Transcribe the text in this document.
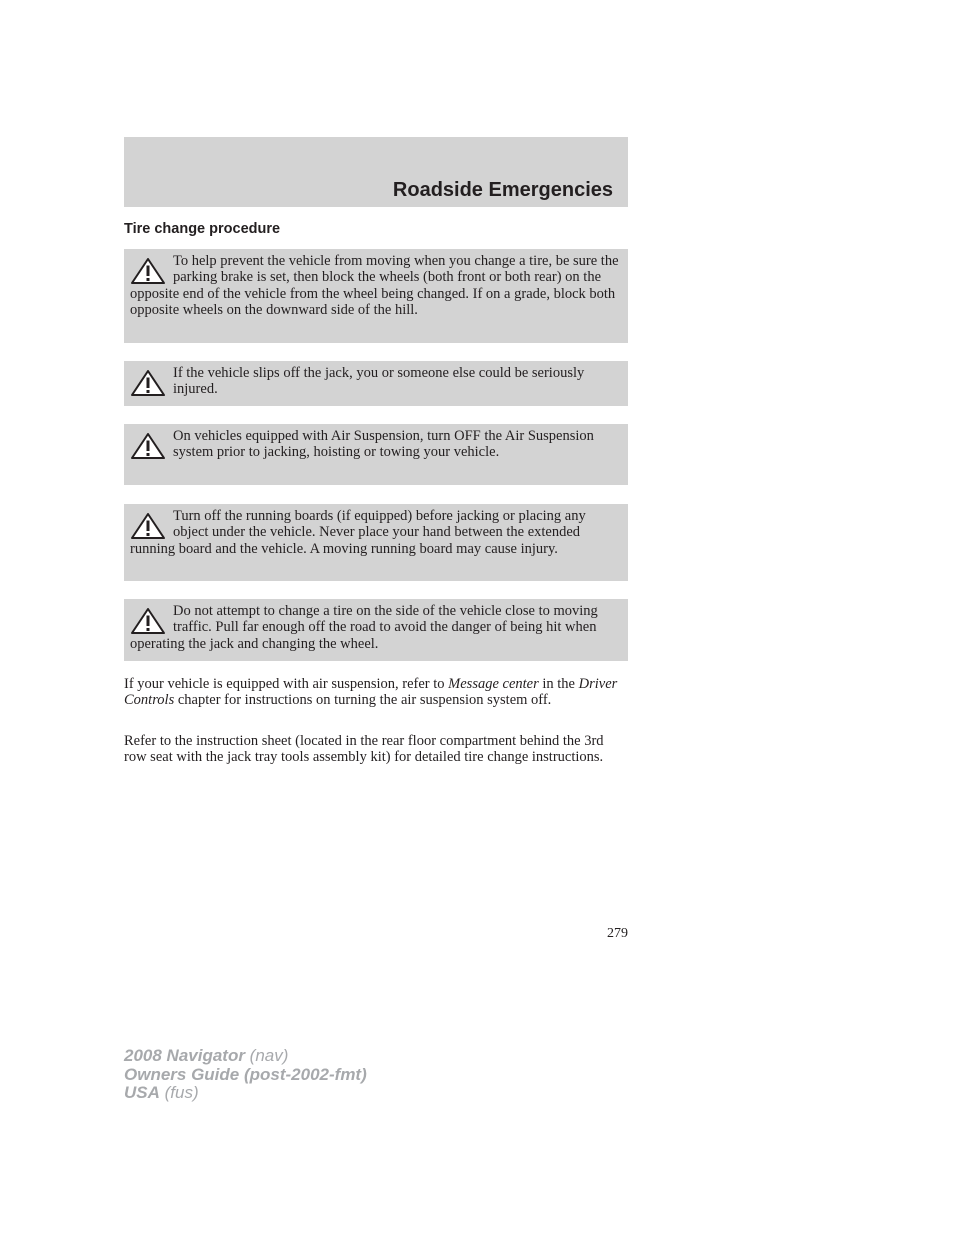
Roadside Emergencies
Tire change procedure
To help prevent the vehicle from moving when you change a tire, be sure the parking brake is set, then block the wheels (both front or both rear) on the opposite end of the vehicle from the wheel being changed. If on a grade, block both opposite wheels on the downward side of the hill.
If the vehicle slips off the jack, you or someone else could be seriously injured.
On vehicles equipped with Air Suspension, turn OFF the Air Suspension system prior to jacking, hoisting or towing your vehicle.
Turn off the running boards (if equipped) before jacking or placing any object under the vehicle. Never place your hand between the extended running board and the vehicle. A moving running board may cause injury.
Do not attempt to change a tire on the side of the vehicle close to moving traffic. Pull far enough off the road to avoid the danger of being hit when operating the jack and changing the wheel.

If your vehicle is equipped with air suspension, refer to Message center in the Driver Controls chapter for instructions on turning the air suspension system off.

Refer to the instruction sheet (located in the rear floor compartment behind the 3rd row seat with the jack tray tools assembly kit) for detailed tire change instructions.

279
2008 Navigator (nav)
Owners Guide (post-2002-fmt)
USA (fus)
